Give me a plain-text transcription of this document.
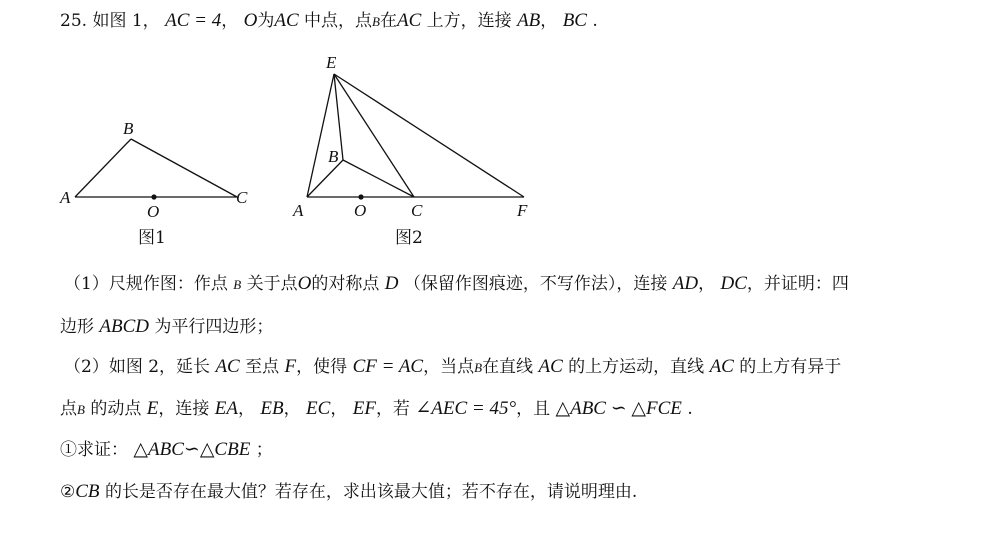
25. 如图 1， AC = 4， O为AC 中点，点B在AC 上方，连接 AB， BC .
A
B
C
O
图1
E
B
A	O	C	F
图2
（1）尺规作图：作点 B 关于点O的对称点 D （保留作图痕迹，不写作法），连接 AD， DC，并证明：四
边形 ABCD 为平行四边形；
（2）如图 2，延长 AC 至点 F，使得 CF = AC，当点B在直线 AC 的上方运动，直线 AC 的上方有异于
点B 的动点 E，连接 EA， EB， EC， EF，若 ∠AEC = 45°，且 △ABC ∽ △FCE .
①求证： △ABC∽△CBE ；
②CB 的长是否存在最大值？若存在，求出该最大值；若不存在，请说明理由.
